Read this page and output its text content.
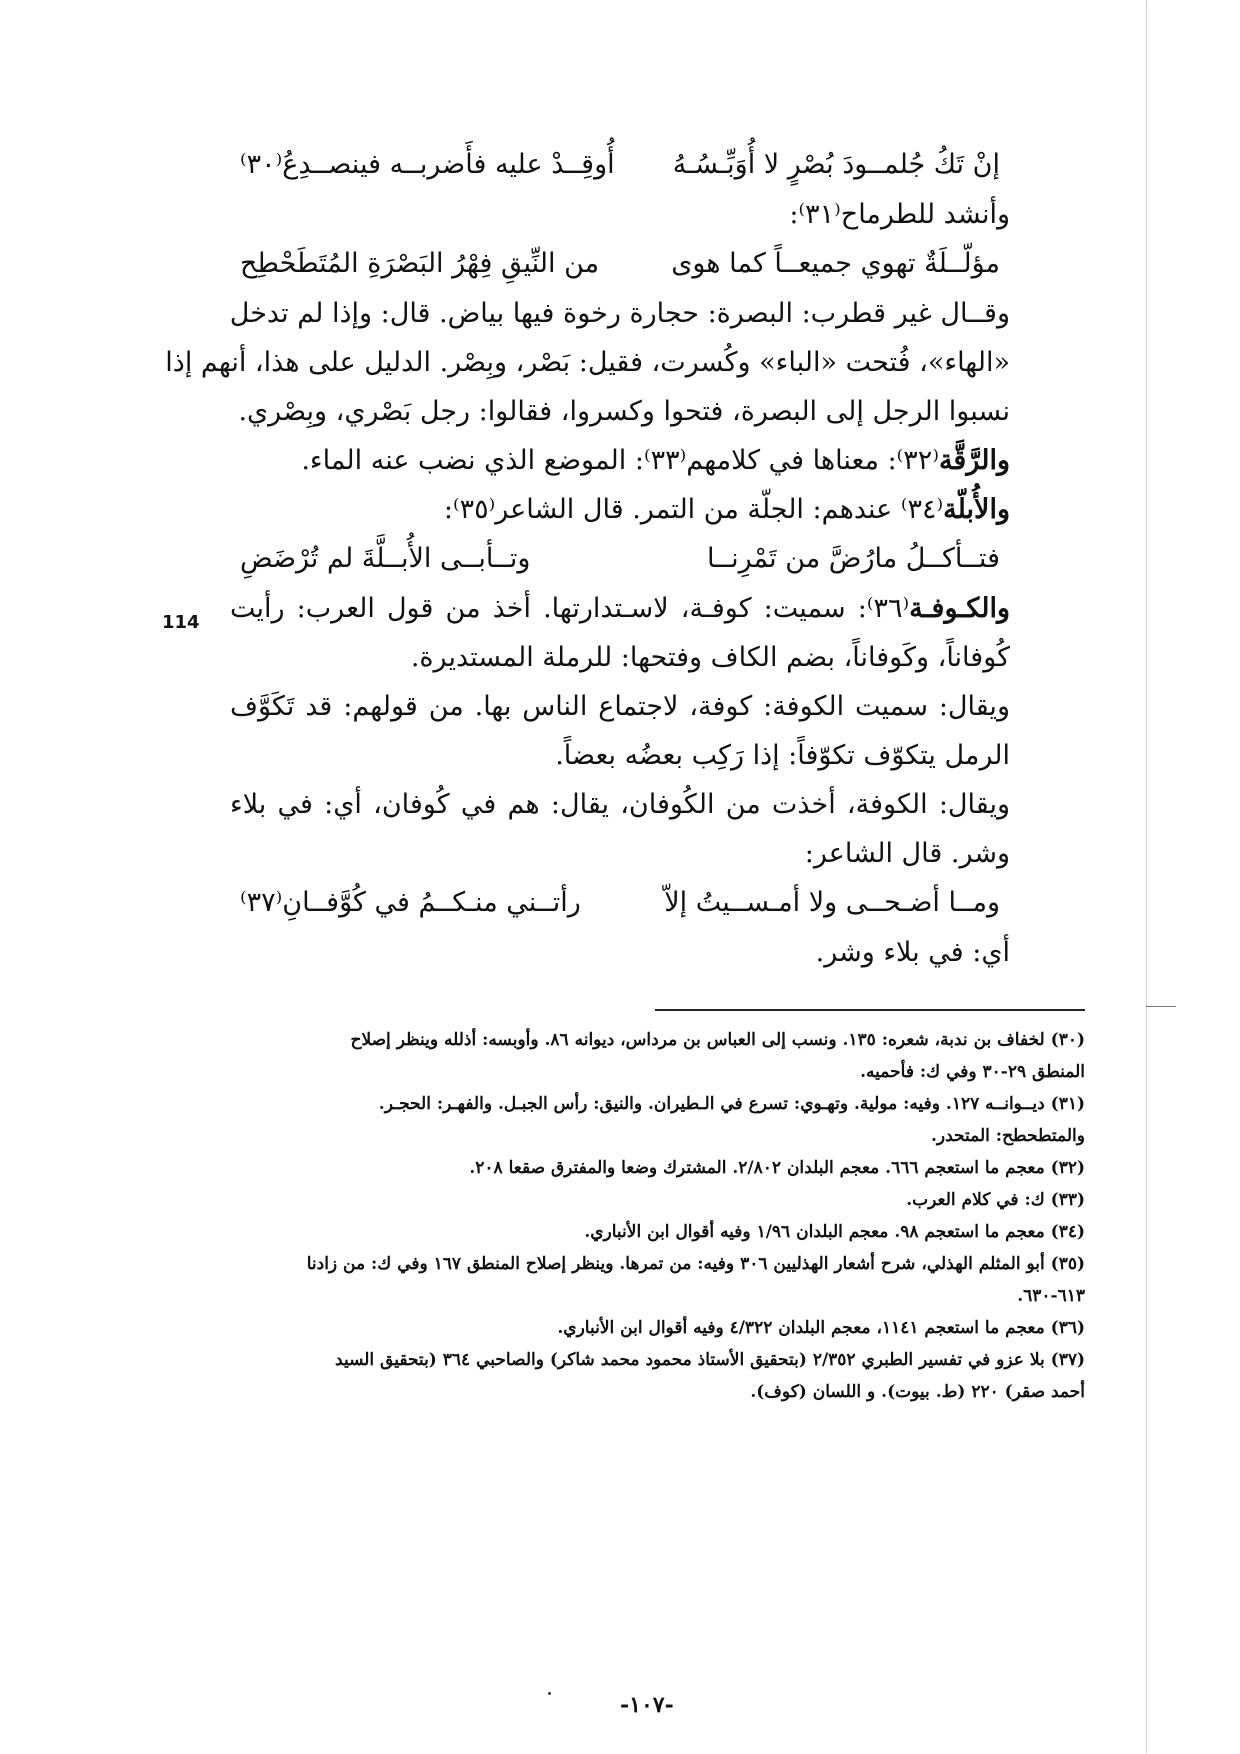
إنْ تَكُ جُلمــودَ بُصْرٍ لا أُوَبِّـسُـهُ
أُوقِــدْ عليه فأَضربــه فينصــدِعُ⁽٣٠⁾
وأنشد للطرماح⁽٣١⁾:
مؤلّــلَةٌ تهوي جميعــاً كما هوى
من النِّيقِ فِهْرُ البَصْرَةِ المُتَطَحْطِح
وقــال غير قطرب: البصرة: حجارة رخوة فيها بياض. قال: وإذا لم تدخل
«الهاء»، فُتحت «الباء» وكُسرت، فقيل: بَصْر، وبِصْر. الدليل على هذا، أنهم إذا
نسبوا الرجل إلى البصرة، فتحوا وكسروا، فقالوا: رجل بَصْري، وبِصْري.
والرَّقَّة⁽٣٢⁾: معناها في كلامهم⁽٣٣⁾: الموضع الذي نضب عنه الماء.
والأُبلّة⁽٣٤⁾ عندهم: الجلّة من التمر. قال الشاعر⁽٣٥⁾:
فتــأكــلُ مارُضَّ من تَمْرِنــا
وتــأبــى الأُبــلَّةَ لم تُرْضَضِ
والكـوفـة⁽٣٦⁾: سميت: كوفـة، لاسـتدارتها. أخذ من قول العرب: رأيت
كُوفاناً، وكَوفاناً، بضم الكاف وفتحها: للرملة المستديرة.
ويقال: سميت الكوفة: كوفة، لاجتماع الناس بها. من قولهم: قد تَكَوَّف
الرمل يتكوّف تكوّفاً: إذا رَكِب بعضُه بعضاً.
ويقال: الكوفة، أخذت من الكُوفان، يقال: هم في كُوفان، أي: في بلاء
وشر. قال الشاعر:
ومــا أضـحــى ولا أمـســيتُ إلاّ
رأتــني منـكــمُ في كُوَّفــانِ⁽٣٧⁾
أي: في بلاء وشر.
114
(٣٠) لخفاف بن ندبة، شعره: ١٣٥. ونسب إلى العباس بن مرداس، ديوانه ٨٦. وأوبسه: أذلله وينظر إصلاح
المنطق ٢٩-٣٠ وفي ك: فأحميه.
(٣١) ديــوانــه ١٢٧. وفيه: مولية. وتهـوي: تسرع في الـطيران. والنيق: رأس الجبـل. والفهـر: الحجـر.
والمتطحطح: المتحدر.
(٣٢) معجم ما استعجم ٦٦٦. معجم البلدان ٢/٨٠٢. المشترك وضعا والمفترق صقعا ٢٠٨.
(٣٣) ك: في كلام العرب.
(٣٤) معجم ما استعجم ٩٨. معجم البلدان ١/٩٦ وفيه أقوال ابن الأنباري.
(٣٥) أبو المثلم الهذلي، شرح أشعار الهذليين ٣٠٦ وفيه: من تمرها. وينظر إصلاح المنطق ١٦٧ وفي ك: من زادنا
٦١٣-٦٣٠.
(٣٦) معجم ما استعجم ١١٤١، معجم البلدان ٤/٣٢٢ وفيه أقوال ابن الأنباري.
(٣٧) بلا عزو في تفسير الطبري ٢/٣٥٢ (بتحقيق الأستاذ محمود محمد شاكر) والصاحبي ٣٦٤ (بتحقيق السيد
أحمد صقر) ٢٢٠ (ط. بيوت). و اللسان (كوف).
-١٠٧-
